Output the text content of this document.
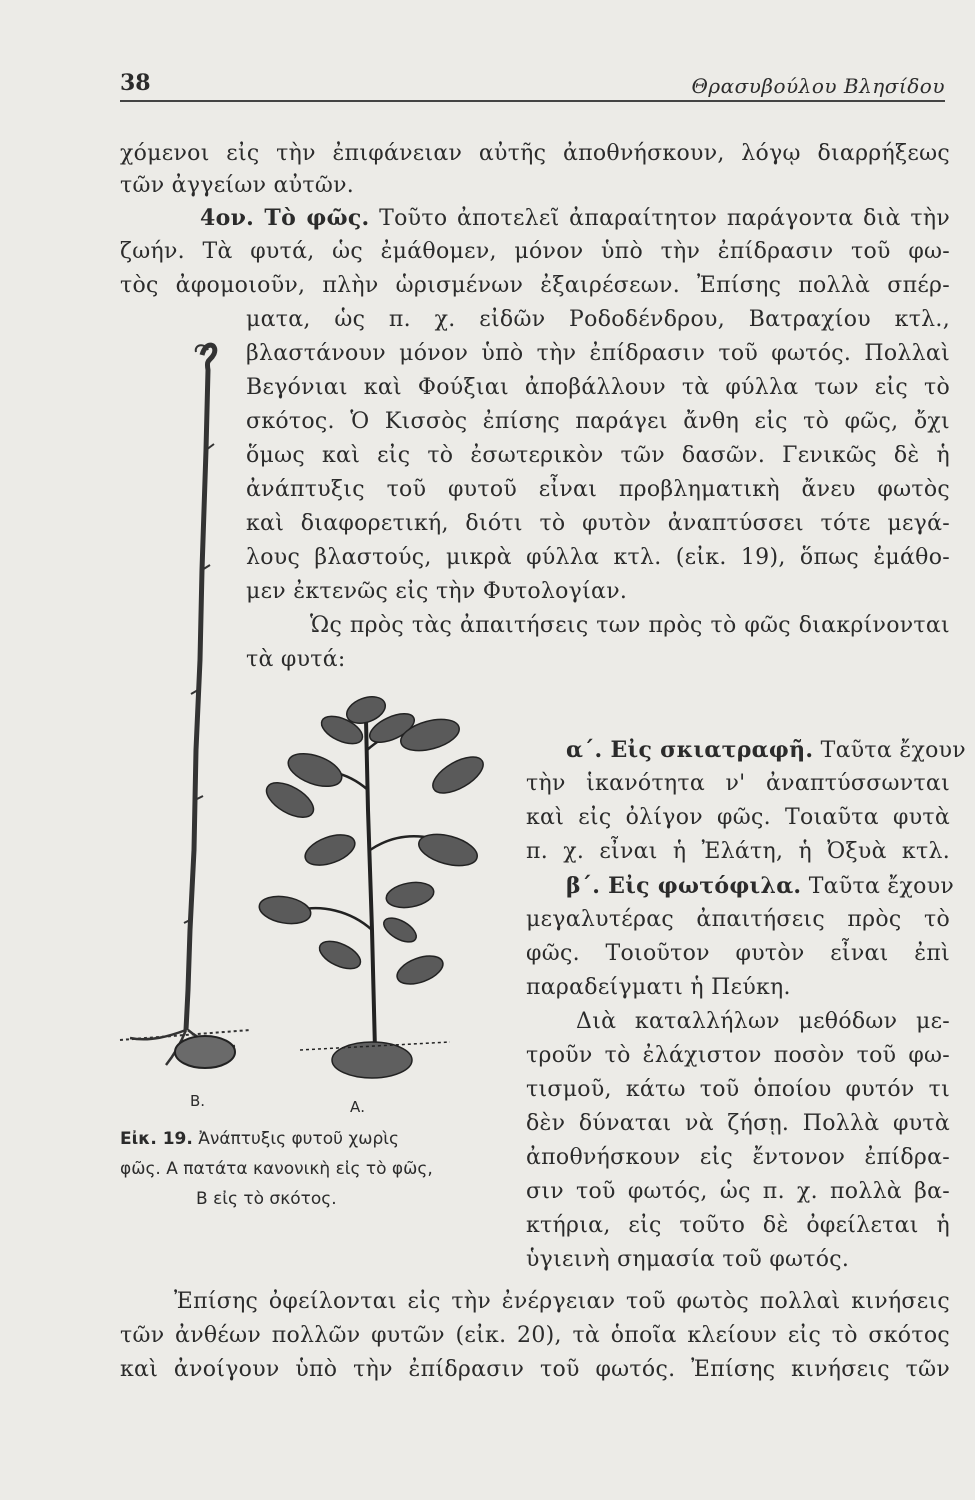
38	Θρασυβούλου Βλησίδου
χόμενοι εἰς τὴν ἐπιφάνειαν αὐτῆς ἀποθνήσκουν, λόγῳ διαρρήξεως
τῶν ἀγγείων αὐτῶν.
4ον. Τὸ φῶς. Τοῦτο ἀποτελεῖ ἀπαραίτητον παράγοντα διὰ τὴν
ζωήν. Τὰ φυτά, ὡς ἐμάθομεν, μόνον ὑπὸ τὴν ἐπίδρασιν τοῦ φω-
τὸς ἀφομοιοῦν, πλὴν ὡρισμένων ἐξαιρέσεων. Ἐπίσης πολλὰ σπέρ-
ματα, ὡς π. χ. εἰδῶν Ροδοδένδρου, Βατραχίου κτλ.,
βλαστάνουν μόνον ὑπὸ τὴν ἐπίδρασιν τοῦ φωτός. Πολλαὶ
Βεγόνιαι καὶ Φούξιαι ἀποβάλλουν τὰ φύλλα των εἰς τὸ
σκότος. Ὁ Κισσὸς ἐπίσης παράγει ἄνθη εἰς τὸ φῶς, ὄχι
ὅμως καὶ εἰς τὸ ἐσωτερικὸν τῶν δασῶν. Γενικῶς δὲ ἡ
ἀνάπτυξις τοῦ φυτοῦ εἶναι προβληματικὴ ἄνευ φωτὸς
καὶ διαφορετική, διότι τὸ φυτὸν ἀναπτύσσει τότε μεγά-
λους βλαστούς, μικρὰ φύλλα κτλ. (εἰκ. 19), ὅπως ἐμάθο-
μεν ἐκτενῶς εἰς τὴν Φυτολογίαν.
Ὡς πρὸς τὰς ἀπαιτήσεις των πρὸς τὸ φῶς διακρίνονται
τὰ φυτά:
α΄. Εἰς σκιατραφῆ. Ταῦτα ἔχουν
τὴν ἱκανότητα ν' ἀναπτύσσωνται
καὶ εἰς ὀλίγον φῶς. Τοιαῦτα φυτὰ
π. χ. εἶναι ἡ Ἐλάτη, ἡ Ὀξυὰ κτλ.
β΄. Εἰς φωτόφιλα. Ταῦτα ἔχουν
μεγαλυτέρας ἀπαιτήσεις πρὸς τὸ
φῶς. Τοιοῦτον φυτὸν εἶναι ἐπὶ
παραδείγματι ἡ Πεύκη.
Διὰ καταλλήλων μεθόδων με-
τροῦν τὸ ἐλάχιστον ποσὸν τοῦ φω-
τισμοῦ, κάτω τοῦ ὁποίου φυτόν τι
δὲν δύναται νὰ ζήσῃ. Πολλὰ φυτὰ
ἀποθνήσκουν εἰς ἔντονον ἐπίδρα-
σιν τοῦ φωτός, ὡς π. χ. πολλὰ βα-
κτήρια, εἰς τοῦτο δὲ ὀφείλεται ἡ
ὑγιεινὴ σημασία τοῦ φωτός.
Ἐπίσης ὀφείλονται εἰς τὴν ἐνέργειαν τοῦ φωτὸς πολλαὶ κινήσεις
τῶν ἀνθέων πολλῶν φυτῶν (εἰκ. 20), τὰ ὁποῖα κλείουν εἰς τὸ σκότος
καὶ ἀνοίγουν ὑπὸ τὴν ἐπίδρασιν τοῦ φωτός. Ἐπίσης κινήσεις τῶν
Β.	Α.
Εἰκ. 19. Ἀνάπτυξις φυτοῦ χωρὶς
φῶς. Α πατάτα κανονικὴ εἰς τὸ φῶς,
Β εἰς τὸ σκότος.
